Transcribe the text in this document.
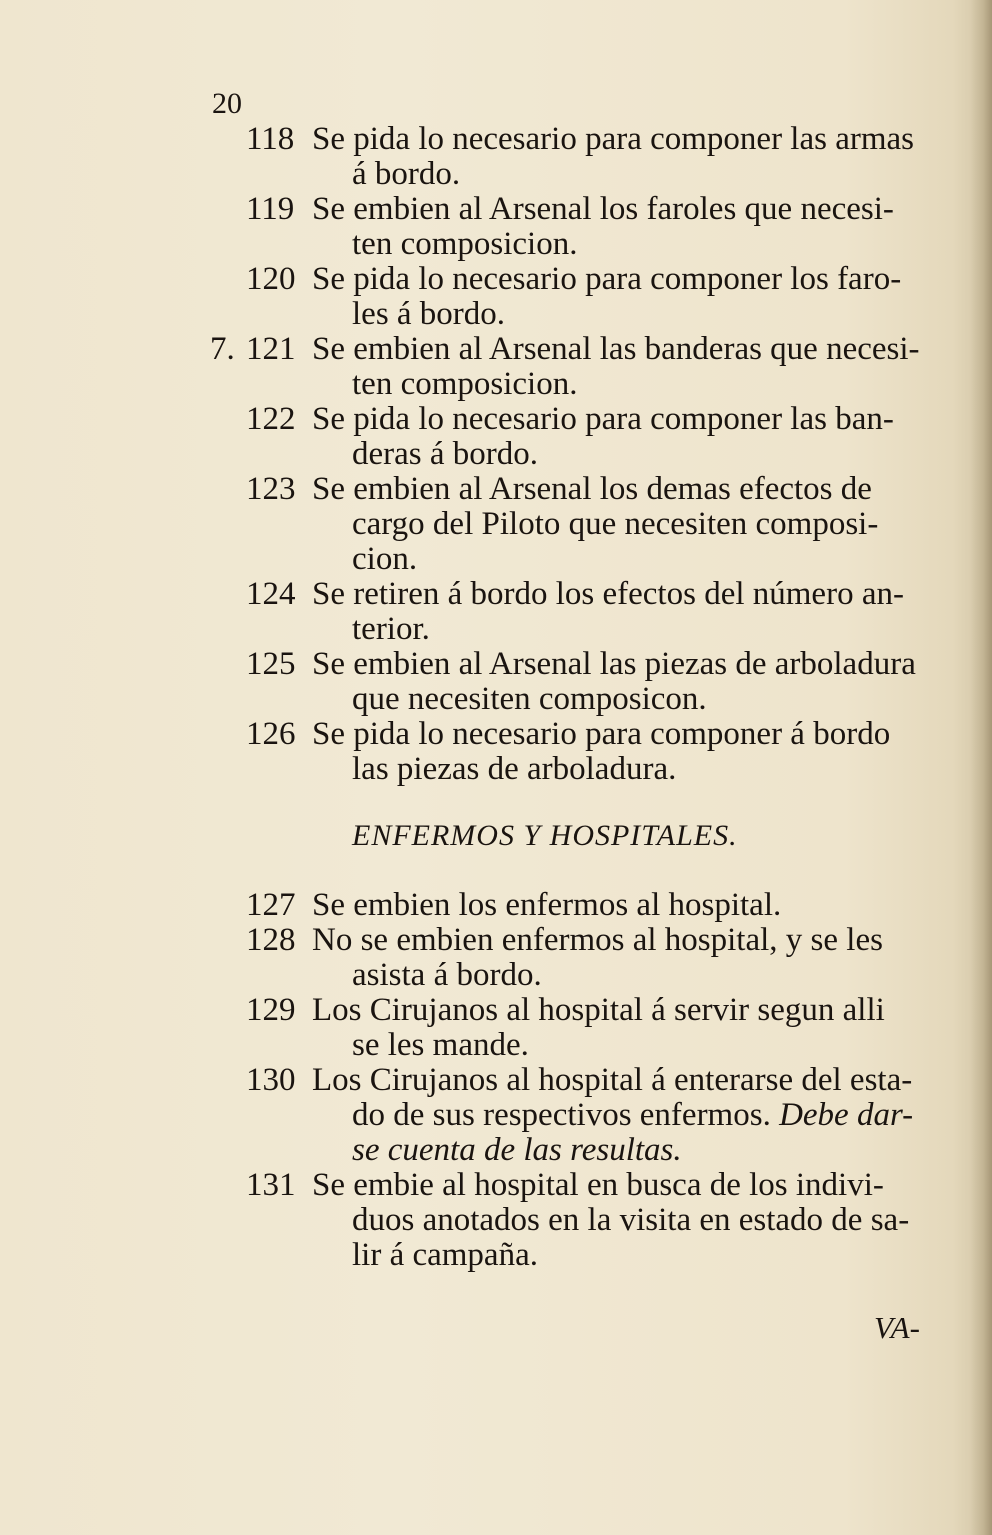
20

118 Se pida lo necesario para componer las armas
á bordo.
119 Se embien al Arsenal los faroles que necesi-
ten composicion.
120 Se pida lo necesario para componer los faro-
les á bordo.
7. 121 Se embien al Arsenal las banderas que necesi-
ten composicion.
122 Se pida lo necesario para componer las ban-
deras á bordo.
123 Se embien al Arsenal los demas efectos de
cargo del Piloto que necesiten composi-
cion.
124 Se retiren á bordo los efectos del número an-
terior.
125 Se embien al Arsenal las piezas de arboladura
que necesiten composicon.
126 Se pida lo necesario para componer á bordo
las piezas de arboladura.
ENFERMOS Y HOSPITALES.
127 Se embien los enfermos al hospital.
128 No se embien enfermos al hospital, y se les
asista á bordo.
129 Los Cirujanos al hospital á servir segun alli
se les mande.
130 Los Cirujanos al hospital á enterarse del esta-
do de sus respectivos enfermos. Debe dar-
se cuenta de las resultas.
131 Se embie al hospital en busca de los indivi-
duos anotados en la visita en estado de sa-
lir á campaña.

VA-
